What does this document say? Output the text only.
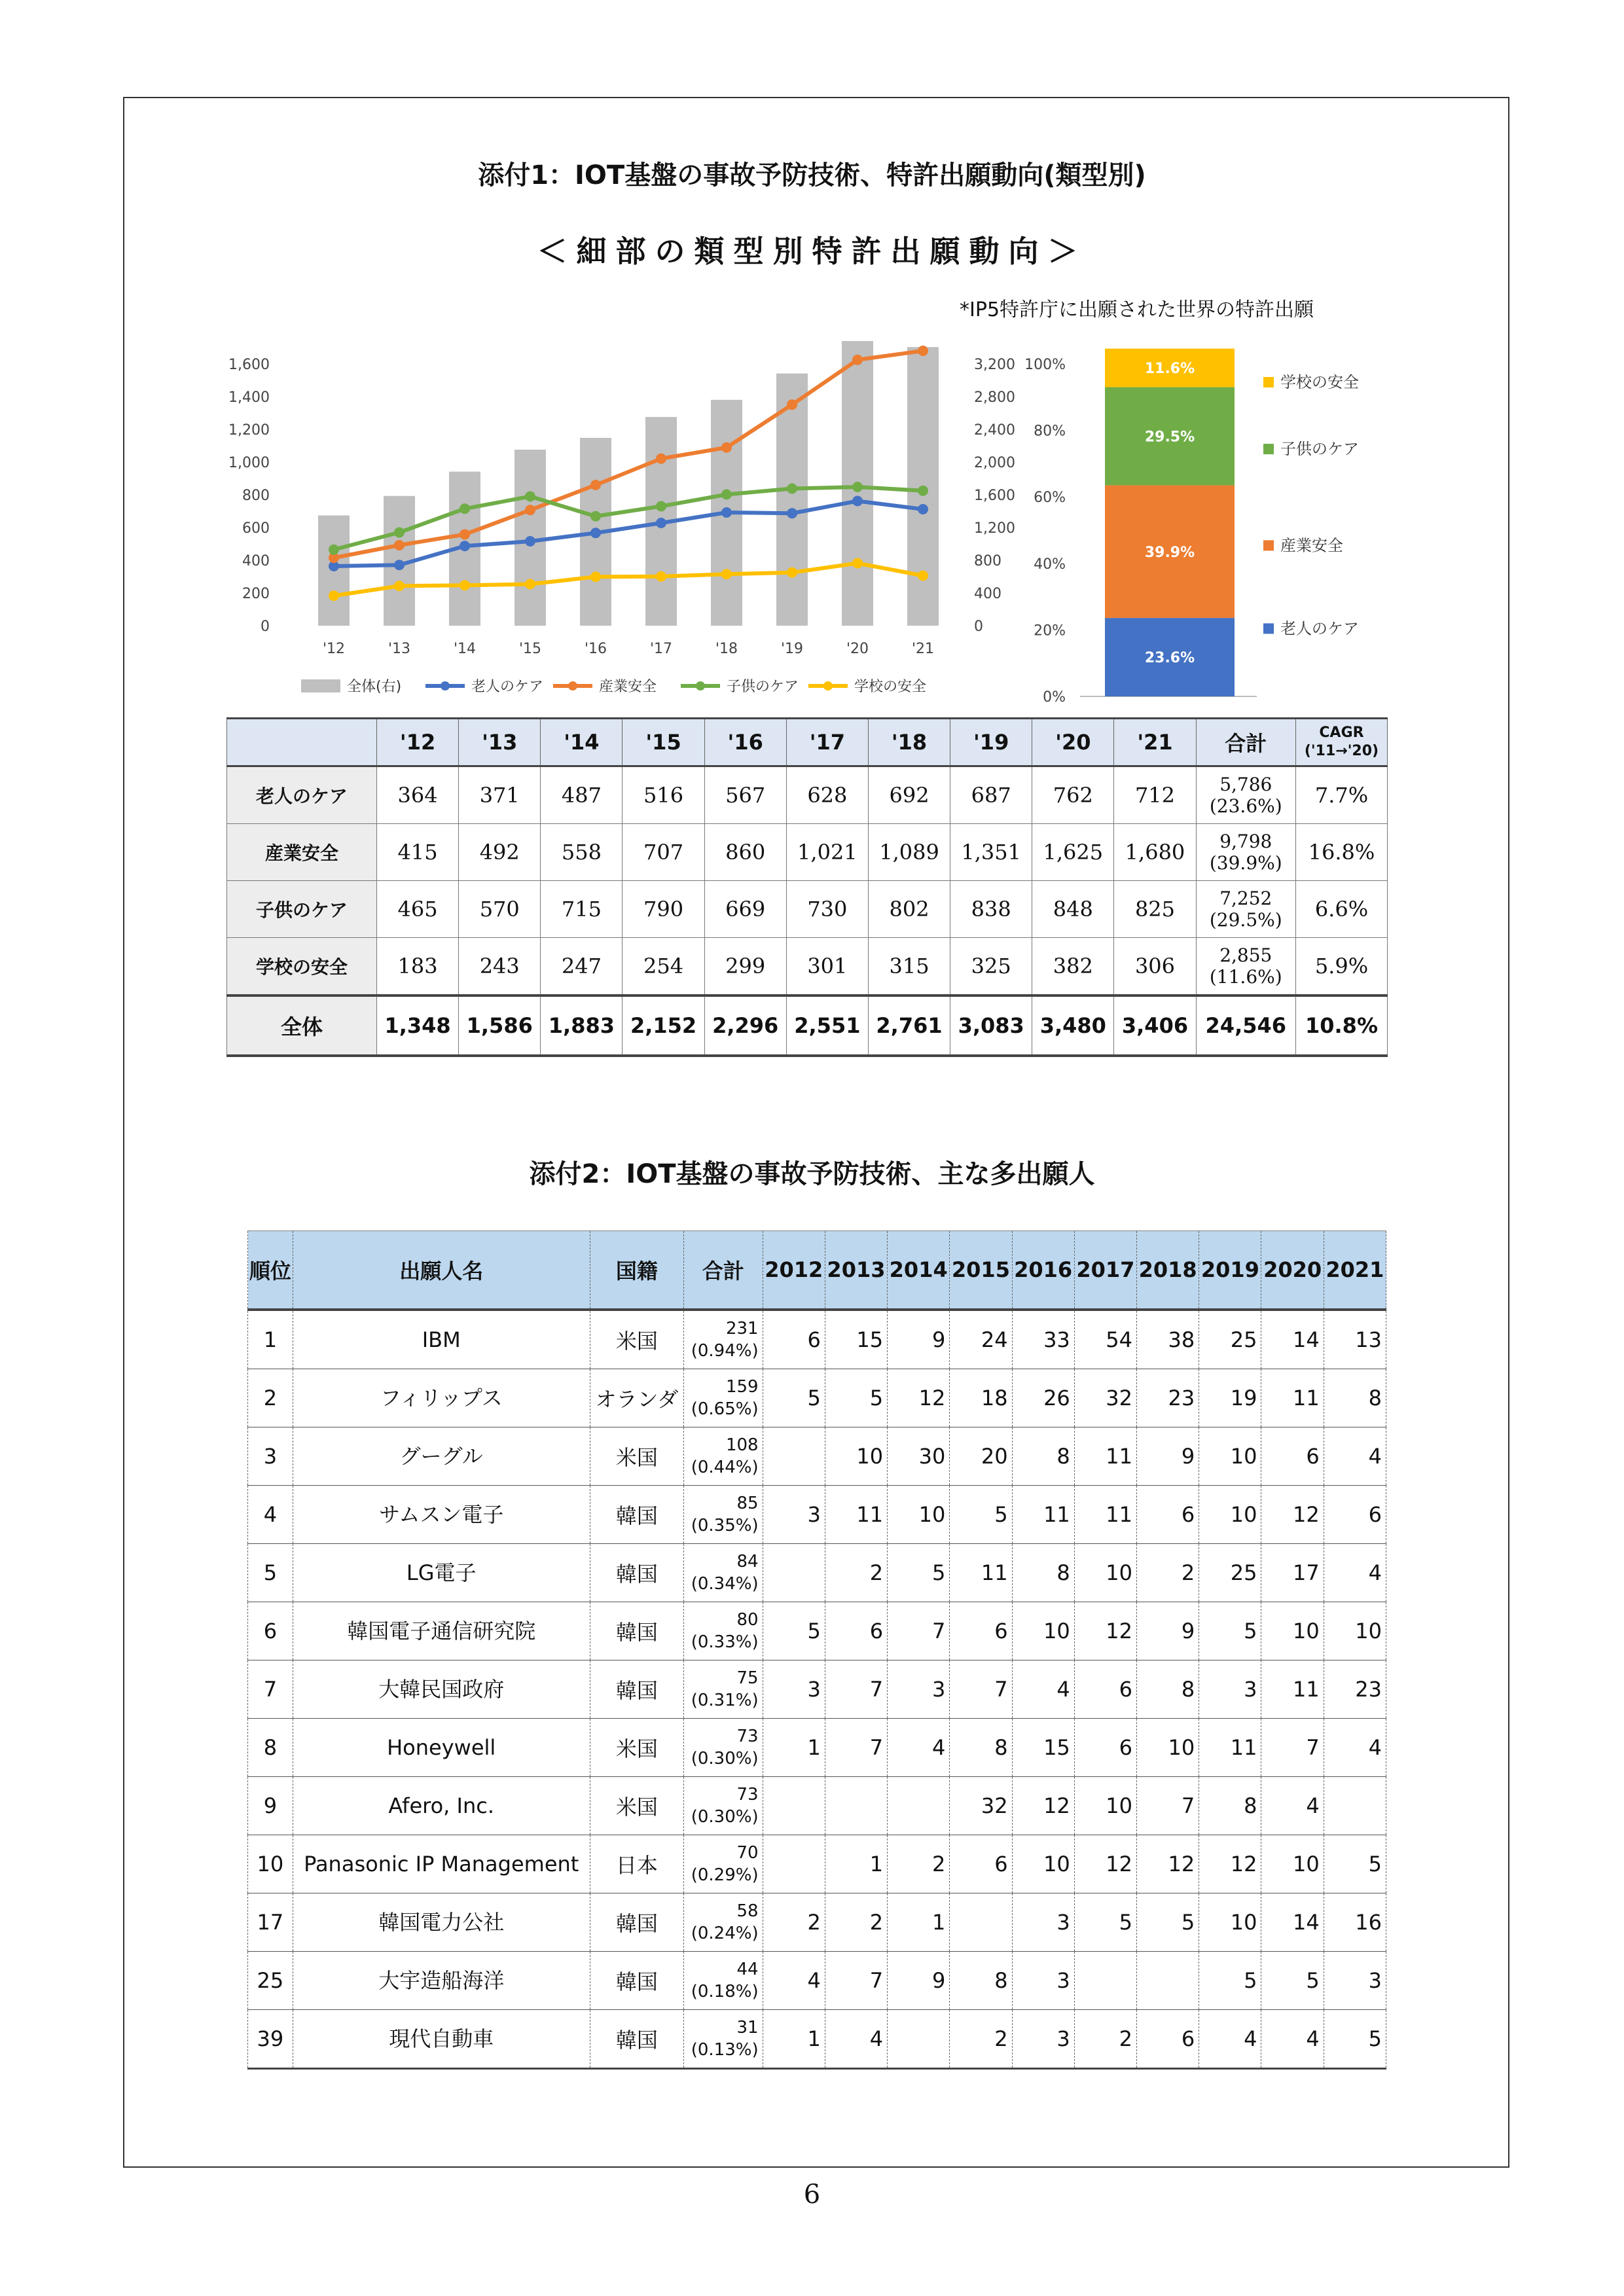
添付1：IOT基盤の事故予防技術、特許出願動向(類型別)
＜細部の類型別特許出願動向＞
*IP5特許庁に出願された世界の特許出願
0
200
400
600
800
1,000
1,200
1,400
1,600
0
400
800
1,200
1,600
2,000
2,400
2,800
3,200
'12	'13	'14	'15	'16	'17	'18	'19	'20	'21
全体(右)	老人のケア	産業安全	子供のケア	学校の安全
0%
20%
40%
60%
80%
100%
23.6%
39.9%
29.5%
11.6%
学校の安全
子供のケア
産業安全
老人のケア
	'12	'13	'14	'15	'16	'17	'18	'19	'20	'21	合計	CAGR
('11→'20)
老人のケア	364	371	487	516	567	628	692	687	762	712	5,786
(23.6%)	7.7%
産業安全	415	492	558	707	860	1,021	1,089	1,351	1,625	1,680	9,798
(39.9%)	16.8%
子供のケア	465	570	715	790	669	730	802	838	848	825	7,252
(29.5%)	6.6%
学校の安全	183	243	247	254	299	301	315	325	382	306	2,855
(11.6%)	5.9%
全体	1,348	1,586	1,883	2,152	2,296	2,551	2,761	3,083	3,480	3,406	24,546	10.8%
添付2：IOT基盤の事故予防技術、主な多出願人
順位	出願人名	国籍	合計	2012	2013	2014	2015	2016	2017	2018	2019	2020	2021
1	IBM	米国	231
(0.94%)	6	15	9	24	33	54	38	25	14	13
2	フィリップス	オランダ	159
(0.65%)	5	5	12	18	26	32	23	19	11	8
3	グーグル	米国	108
(0.44%)		10	30	20	8	11	9	10	6	4
4	サムスン電子	韓国	85
(0.35%)	3	11	10	5	11	11	6	10	12	6
5	LG電子	韓国	84
(0.34%)		2	5	11	8	10	2	25	17	4
6	韓国電子通信研究院	韓国	80
(0.33%)	5	6	7	6	10	12	9	5	10	10
7	大韓民国政府	韓国	75
(0.31%)	3	7	3	7	4	6	8	3	11	23
8	Honeywell	米国	73
(0.30%)	1	7	4	8	15	6	10	11	7	4
9	Afero, Inc.	米国	73
(0.30%)				32	12	10	7	8	4	
10	Panasonic IP Management	日本	70
(0.29%)		1	2	6	10	12	12	12	10	5
17	韓国電力公社	韓国	58
(0.24%)	2	2	1		3	5	5	10	14	16
25	大宇造船海洋	韓国	44
(0.18%)	4	7	9	8	3			5	5	3
39	現代自動車	韓国	31
(0.13%)	1	4		2	3	2	6	4	4	5
6
